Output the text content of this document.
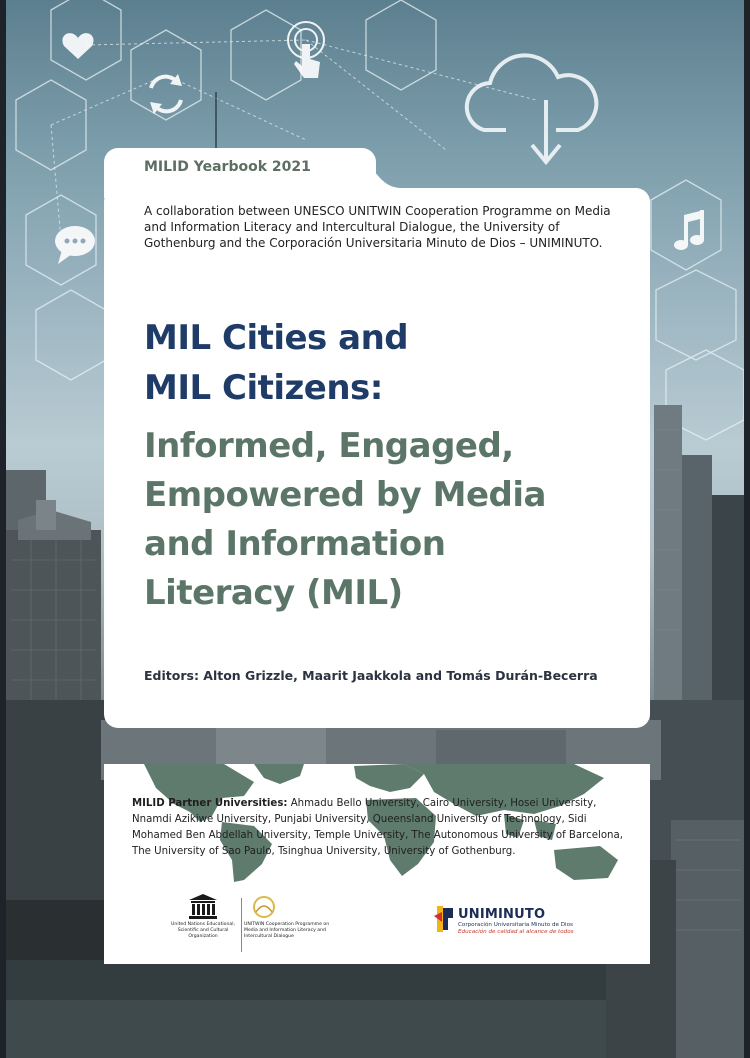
MILID Yearbook 2021

A collaboration between UNESCO UNITWIN Cooperation Programme on Media and Information Literacy and Intercultural Dialogue, the University of Gothenburg and the Corporación Universitaria Minuto de Dios – UNIMINUTO.

MIL Cities and
MIL Citizens:
Informed, Engaged,
Empowered by Media
and Information
Literacy (MIL)
Editors: Alton Grizzle, Maarit Jaakkola and Tomás Durán-Becerra

MILID Partner Universities: Ahmadu Bello University, Cairo University, Hosei University, Nnamdi Azikiwe University, Punjabi University, Queensland University of Technology, Sidi Mohamed Ben Abdellah University, Temple University, The Autonomous University of Barcelona, The University of Sao Paulo, Tsinghua University, University of Gothenburg.

United Nations Educational, Scientific and Cultural Organization
UNITWIN Cooperation Programme on Media and Information Literacy and Intercultural Dialogue
UNIMINUTO
Corporación Universitaria Minuto de Dios
Educación de calidad al alcance de todos
